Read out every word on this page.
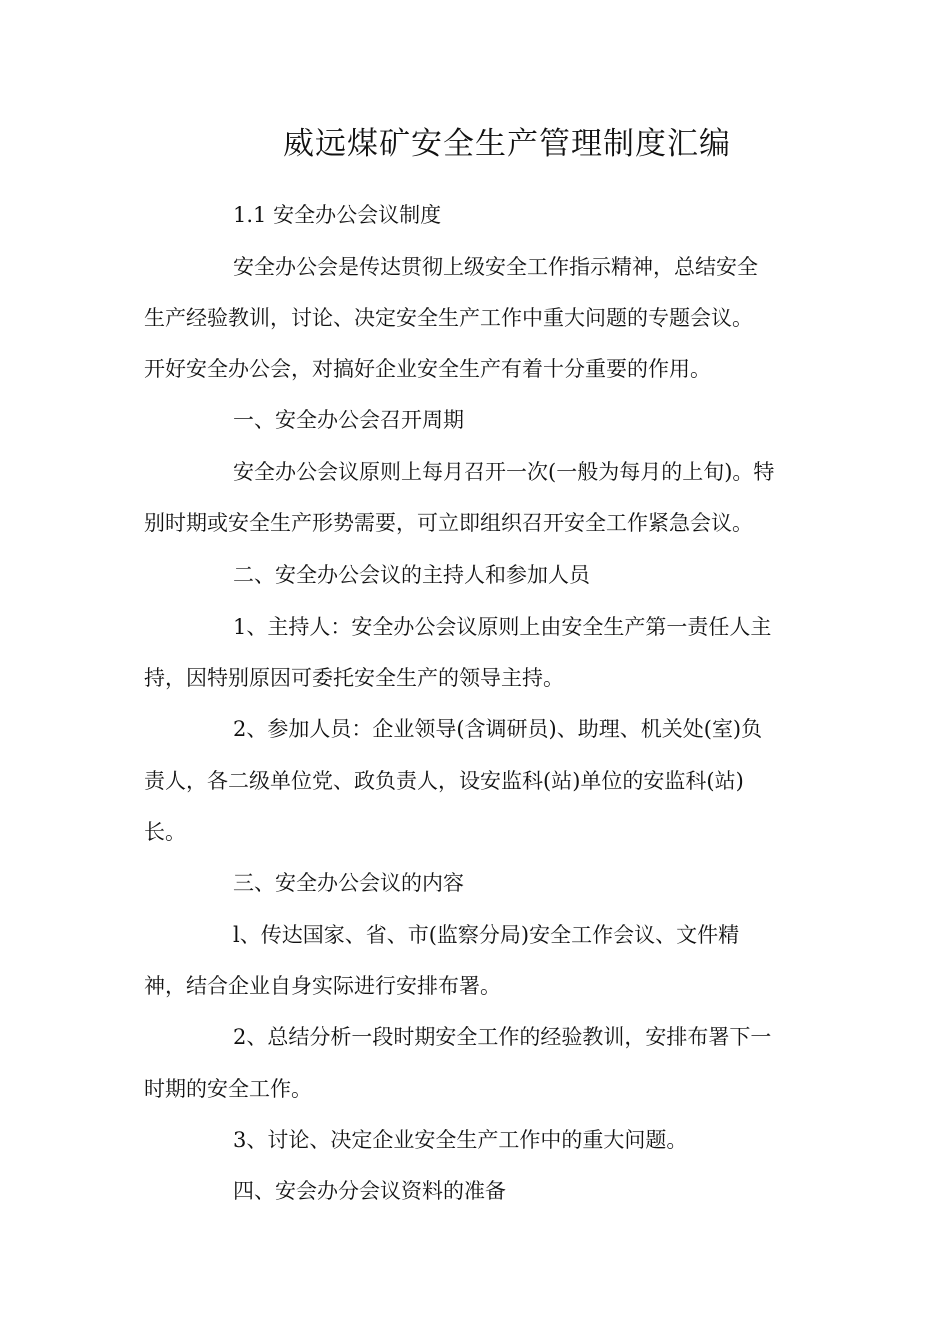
威远煤矿安全生产管理制度汇编
1.1 安全办公会议制度
安全办公会是传达贯彻上级安全工作指示精神，总结安全
生产经验教训，讨论、决定安全生产工作中重大问题的专题会议。
开好安全办公会，对搞好企业安全生产有着十分重要的作用。
一、安全办公会召开周期
安全办公会议原则上每月召开一次(一般为每月的上旬)。特
别时期或安全生产形势需要，可立即组织召开安全工作紧急会议。
二、安全办公会议的主持人和参加人员
1、主持人：安全办公会议原则上由安全生产第一责任人主
持，因特别原因可委托安全生产的领导主持。
2、参加人员：企业领导(含调研员)、助理、机关处(室)负
责人，各二级单位党、政负责人，设安监科(站)单位的安监科(站)
长。
三、安全办公会议的内容
l、传达国家、省、市(监察分局)安全工作会议、文件精
神，结合企业自身实际进行安排布署。
2、总结分析一段时期安全工作的经验教训，安排布署下一
时期的安全工作。
3、讨论、决定企业安全生产工作中的重大问题。
四、安会办分会议资料的准备
